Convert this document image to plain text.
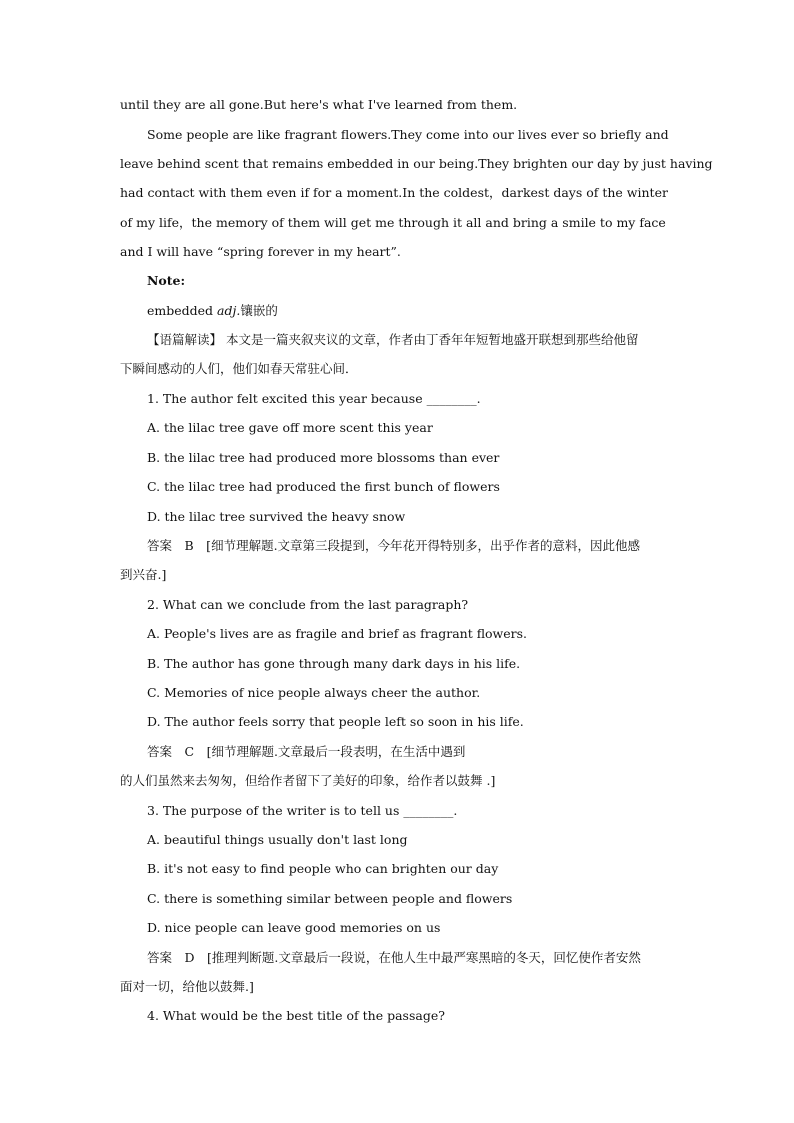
until they are all gone.But here's what I've learned from them.
Some people are like fragrant flowers.They come into our lives ever so briefly and
leave behind scent that remains embedded in our being.They brighten our day by just having
had contact with them even if for a moment.In the coldest，darkest days of the winter
of my life，the memory of them will get me through it all and bring a smile to my face
and I will have “spring forever in my heart”.
Note:
embedded adj.镶嵌的
【语篇解读】 本文是一篇夹叙夹议的文章，作者由丁香年年短暂地盛开联想到那些给他留
下瞬间感动的人们，他们如春天常驻心间．
1. The author felt excited this year because ________.
A. the lilac tree gave off more scent this year
B. the lilac tree had produced more blossoms than ever
C. the lilac tree had produced the first bunch of flowers
D. the lilac tree survived the heavy snow
答案　B　[细节理解题.文章第三段提到，今年花开得特别多，出乎作者的意料，因此他感
到兴奋.]
2. What can we conclude from the last paragraph?
A. People's lives are as fragile and brief as fragrant flowers.
B. The author has gone through many dark days in his life.
C. Memories of nice people always cheer the author.
D. The author feels sorry that people left so soon in his life.
答案　C　[细节理解题.文章最后一段表明，在生活中遇到
的人们虽然来去匆匆，但给作者留下了美好的印象，给作者以鼓舞 .]
3. The purpose of the writer is to tell us ________.
A. beautiful things usually don't last long
B. it's not easy to find people who can brighten our day
C. there is something similar between people and flowers
D. nice people can leave good memories on us
答案　D　[推理判断题.文章最后一段说，在他人生中最严寒黑暗的冬天，回忆使作者安然
面对一切，给他以鼓舞.]
4. What would be the best title of the passage?
